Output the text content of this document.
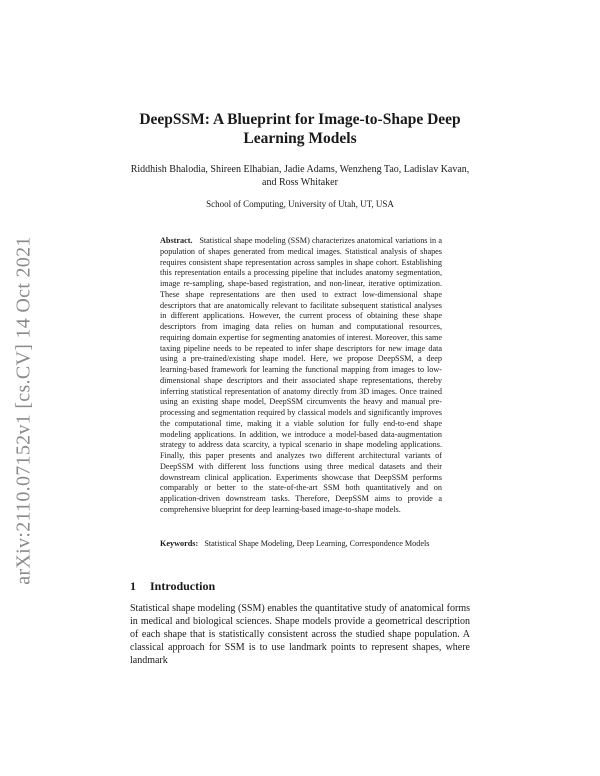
arXiv:2110.07152v1 [cs.CV] 14 Oct 2021
DeepSSM: A Blueprint for Image-to-Shape Deep Learning Models
Riddhish Bhalodia, Shireen Elhabian, Jadie Adams, Wenzheng Tao, Ladislav Kavan, and Ross Whitaker
School of Computing, University of Utah, UT, USA
Abstract.   Statistical shape modeling (SSM) characterizes anatomical variations in a population of shapes generated from medical images. Statistical analysis of shapes requires consistent shape representation across samples in shape cohort. Establishing this representation entails a processing pipeline that includes anatomy segmentation, image re-sampling, shape-based registration, and non-linear, iterative optimization. These shape representations are then used to extract low-dimensional shape descriptors that are anatomically relevant to facilitate subsequent statistical analyses in different applications. However, the current process of obtaining these shape descriptors from imaging data relies on human and computational resources, requiring domain expertise for segmenting anatomies of interest. Moreover, this same taxing pipeline needs to be repeated to infer shape descriptors for new image data using a pre-trained/existing shape model. Here, we propose DeepSSM, a deep learning-based framework for learning the functional mapping from images to low-dimensional shape descriptors and their associated shape representations, thereby inferring statistical representation of anatomy directly from 3D images. Once trained using an existing shape model, DeepSSM circumvents the heavy and manual pre-processing and segmentation required by classical models and significantly improves the computational time, making it a viable solution for fully end-to-end shape modeling applications. In addition, we introduce a model-based data-augmentation strategy to address data scarcity, a typical scenario in shape modeling applications. Finally, this paper presents and analyzes two different architectural variants of DeepSSM with different loss functions using three medical datasets and their downstream clinical application. Experiments showcase that DeepSSM performs comparably or better to the state-of-the-art SSM both quantitatively and on application-driven downstream tasks. Therefore, DeepSSM aims to provide a comprehensive blueprint for deep learning-based image-to-shape models.
Keywords:   Statistical Shape Modeling, Deep Learning, Correspondence Models
1 Introduction
Statistical shape modeling (SSM) enables the quantitative study of anatomical forms in medical and biological sciences. Shape models provide a geometrical description of each shape that is statistically consistent across the studied shape population. A classical approach for SSM is to use landmark points to represent shapes, where landmark
